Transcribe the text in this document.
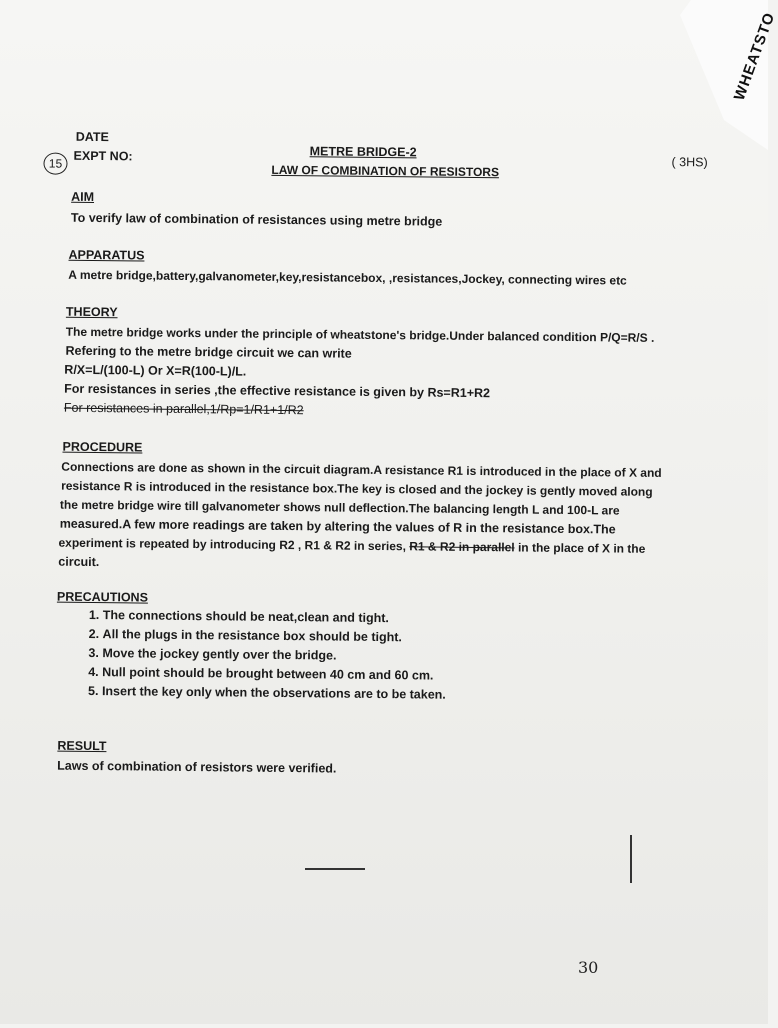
WHEATSTO
DATE
15
EXPT NO:	METRE BRIDGE-2
LAW OF COMBINATION OF RESISTORS
( 3HS)
AIM
To verify law of combination of resistances using metre bridge
APPARATUS
A metre bridge,battery,galvanometer,key,resistancebox, ,resistances,Jockey, connecting wires etc
THEORY
The metre bridge works under the principle of wheatstone's bridge.Under balanced condition P/Q=R/S .
Refering to the metre bridge circuit we can write
R/X=L/(100-L) Or X=R(100-L)/L.
For resistances in series ,the effective resistance is given by Rs=R1+R2
For resistances in parallel,1/Rp=1/R1+1/R2
PROCEDURE
Connections are done as shown in the circuit diagram.A resistance R1 is introduced in the place of X and
resistance R is introduced in the resistance box.The key is closed and the jockey is gently moved along
the metre bridge wire till galvanometer shows null deflection.The balancing length L and 100-L are
measured.A few more readings are taken by altering the values of R in the resistance box.The
experiment is repeated by introducing R2 , R1 & R2 in series, R1 & R2 in parallel in the place of X in the
circuit.
PRECAUTIONS
1. The connections should be neat,clean and tight.
2. All the plugs in the resistance box should be tight.
3. Move the jockey gently over the bridge.
4. Null point should be brought between 40 cm and 60 cm.
5. Insert the key only when the observations are to be taken.
RESULT
Laws of combination of resistors were verified.
30
